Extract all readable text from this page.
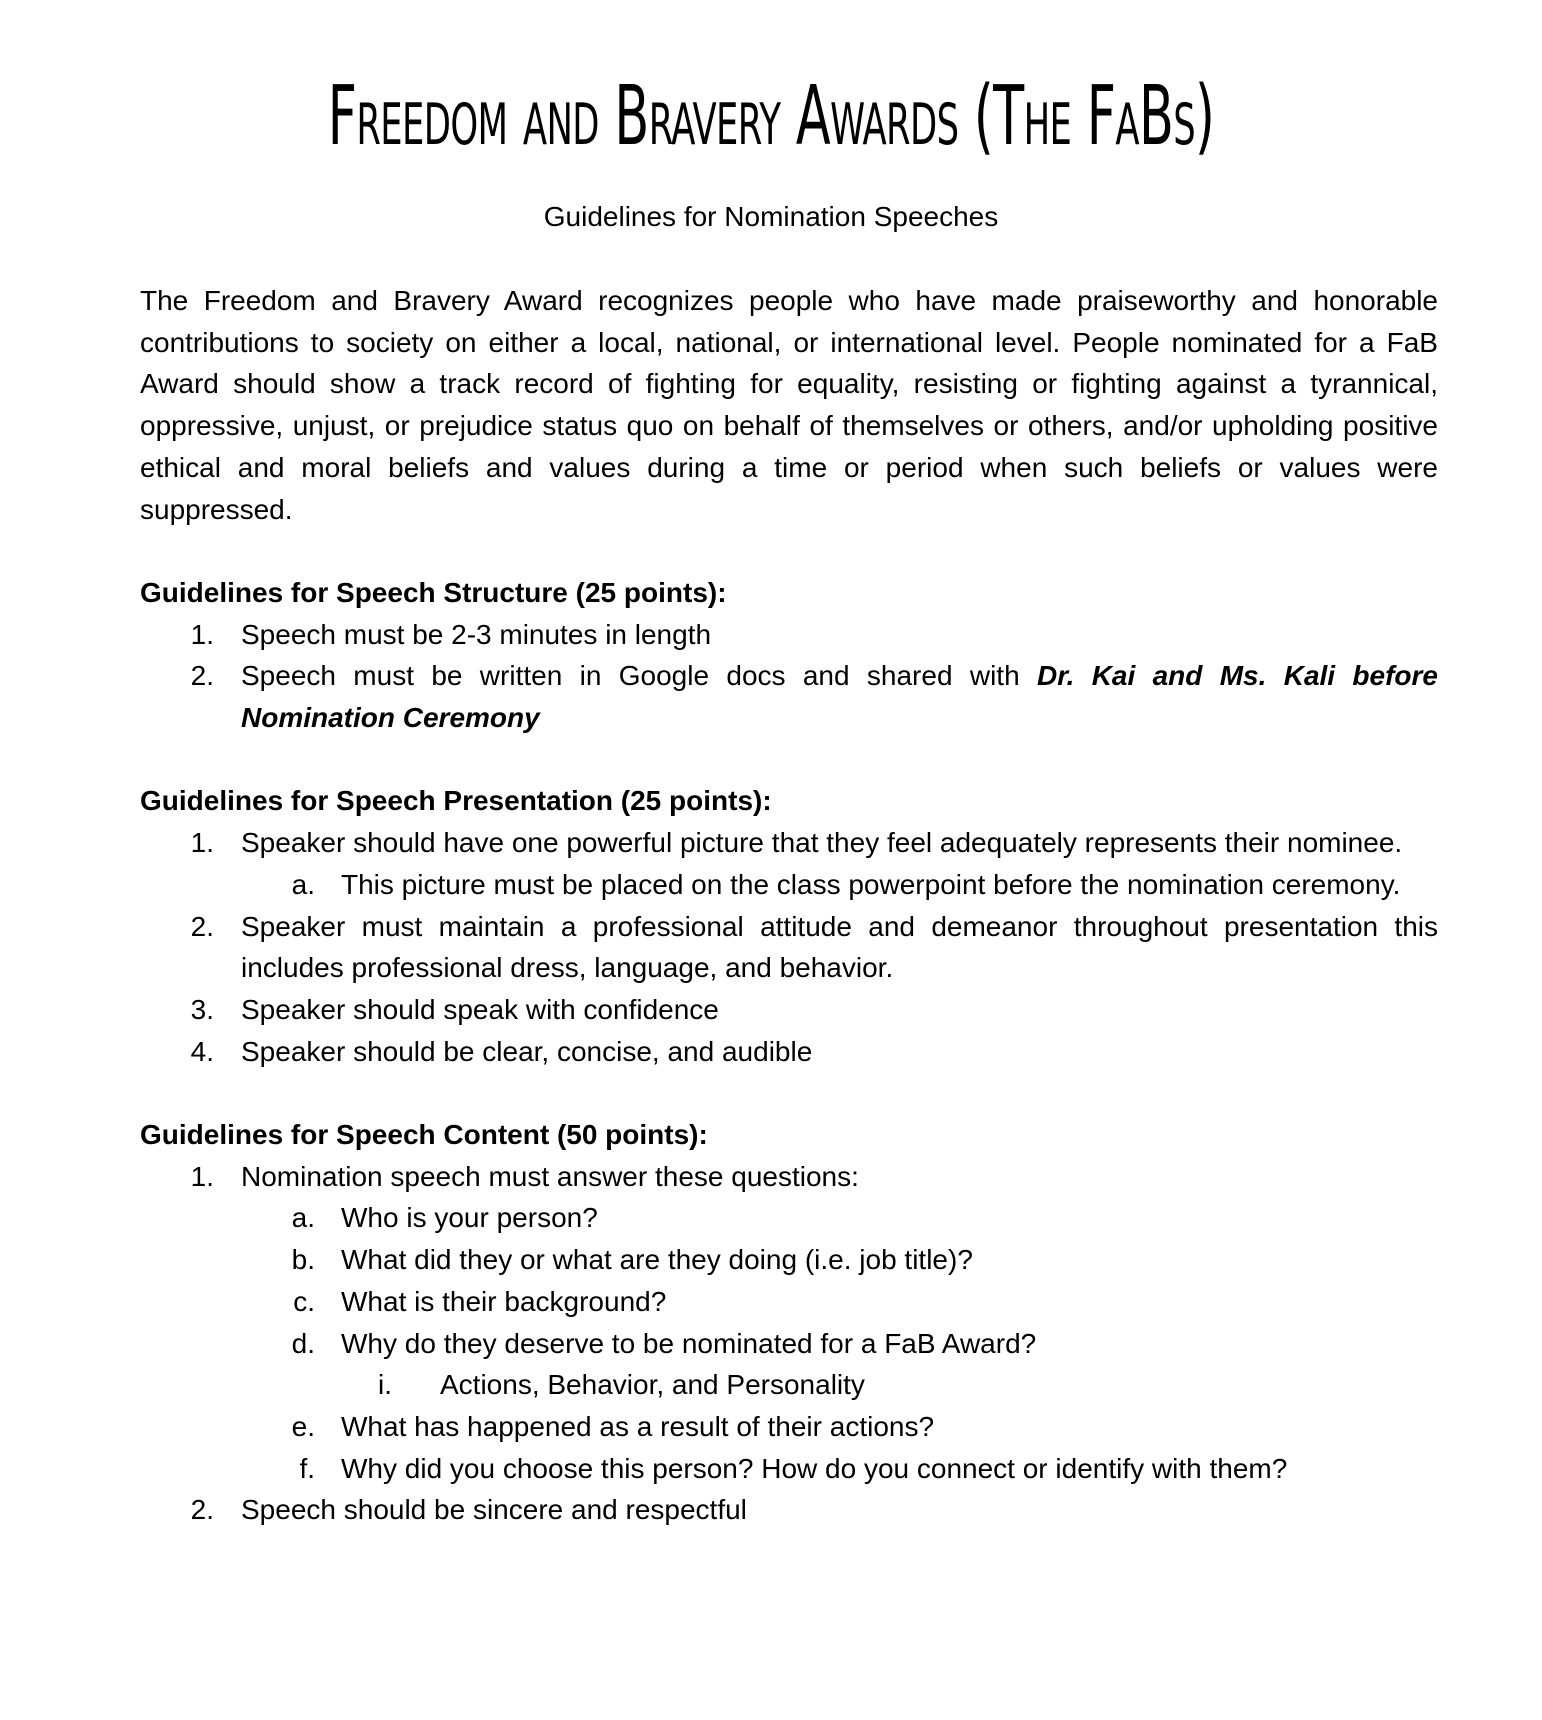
Freedom and Bravery Awards (The FaBs)
Guidelines for Nomination Speeches

The Freedom and Bravery Award recognizes people who have made praiseworthy and honorable contributions to society on either a local, national, or international level. People nominated for a FaB Award should show a track record of fighting for equality, resisting or fighting against a tyrannical, oppressive, unjust, or prejudice status quo on behalf of themselves or others, and/or upholding positive ethical and moral beliefs and values during a time or period when such beliefs or values were suppressed.

Guidelines for Speech Structure (25 points):

1. Speech must be 2-3 minutes in length
2. Speech must be written in Google docs and shared with Dr. Kai and Ms. Kali before Nomination Ceremony

Guidelines for Speech Presentation (25 points):

1. Speaker should have one powerful picture that they feel adequately represents their nominee.
a. This picture must be placed on the class powerpoint before the nomination ceremony.
2. Speaker must maintain a professional attitude and demeanor throughout presentation this includes professional dress, language, and behavior.
3. Speaker should speak with confidence
4. Speaker should be clear, concise, and audible

Guidelines for Speech Content (50 points):

1. Nomination speech must answer these questions:
a. Who is your person?
b. What did they or what are they doing (i.e. job title)?
c. What is their background?
d. Why do they deserve to be nominated for a FaB Award?
i. Actions, Behavior, and Personality
e. What has happened as a result of their actions?
f. Why did you choose this person? How do you connect or identify with them?
2. Speech should be sincere and respectful
